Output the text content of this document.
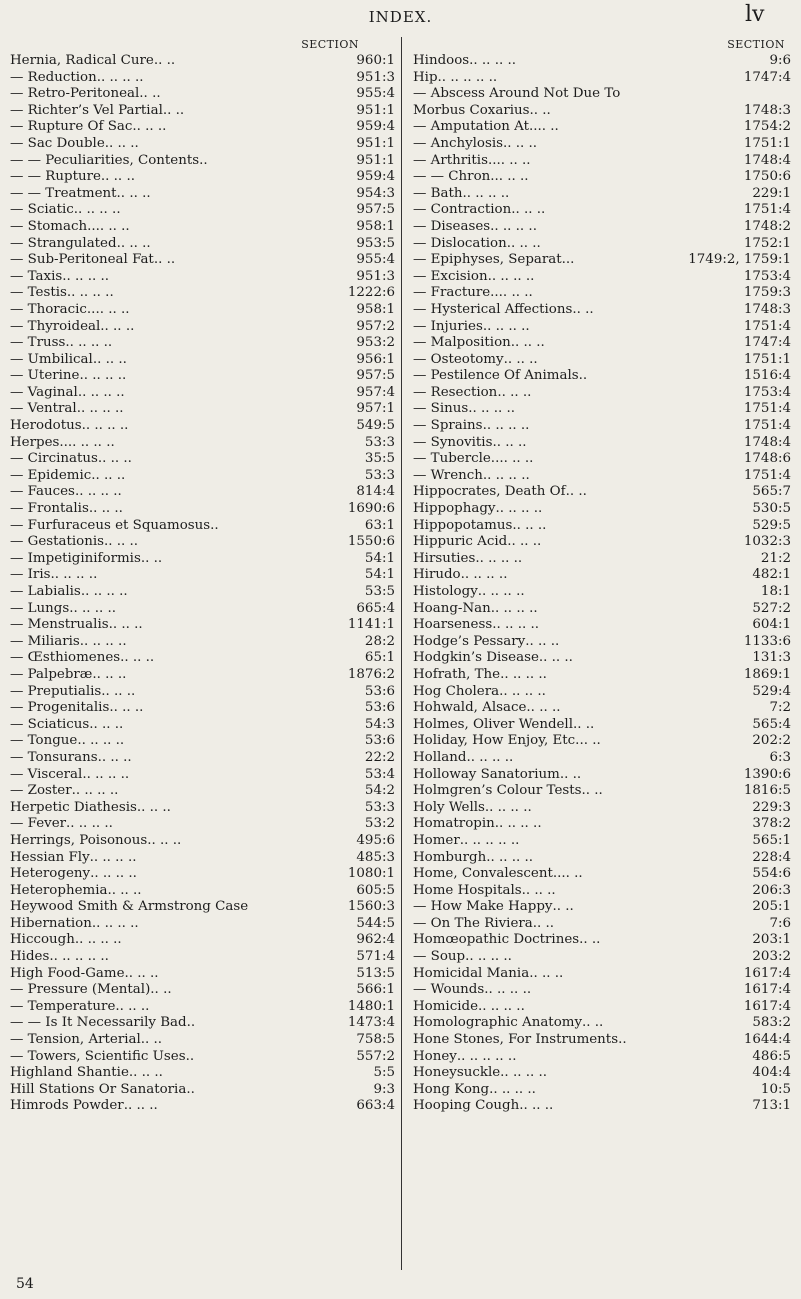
INDEX.	lv
SECTION
Hernia, Radical Cure .. ..	960:1
— Reduction .. .. .. ..	951:3
— Retro-Peritoneal .. ..	955:4
— Richter’s Vel Partial .. ..	951:1
— Rupture Of Sac .. .. ..	959:4
— Sac Double .. .. ..	951:1
— — Peculiarities, Contents ..	951:1
— — Rupture .. .. ..	959:4
— — Treatment .. .. ..	954:3
— Sciatic .. .. .. ..	957:5
— Stomach.. .. .. ..	958:1
— Strangulated .. .. ..	953:5
— Sub-Peritoneal Fat .. ..	955:4
— Taxis .. .. .. ..	951:3
— Testis .. .. .. ..	1222:6
— Thoracic.. .. .. ..	958:1
— Thyroideal .. .. ..	957:2
— Truss .. .. .. ..	953:2
— Umbilical .. .. ..	956:1
— Uterine .. .. .. ..	957:5
— Vaginal .. .. .. ..	957:4
— Ventral .. .. .. ..	957:1
Herodotus .. .. .. ..	549:5
Herpes.. .. .. .. ..	53:3
— Circinatus .. .. ..	35:5
— Epidemic .. .. ..	53:3
— Fauces .. .. .. ..	814:4
— Frontalis .. .. ..	1690:6
— Furfuraceus et Squamosus ..	63:1
— Gestationis .. .. ..	1550:6
— Impetiginiformis .. ..	54:1
— Iris .. .. .. ..	54:1
— Labialis .. .. .. ..	53:5
— Lungs .. .. .. ..	665:4
— Menstrualis .. .. ..	1141:1
— Miliaris .. .. .. ..	28:2
— Œsthiomenes .. .. ..	65:1
— Palpebræ .. .. ..	1876:2
— Preputialis .. .. ..	53:6
— Progenitalis .. .. ..	53:6
— Sciaticus .. .. ..	54:3
— Tongue .. .. .. ..	53:6
— Tonsurans .. .. ..	22:2
— Visceral .. .. .. ..	53:4
— Zoster .. .. .. ..	54:2
Herpetic Diathesis .. .. ..	53:3
— Fever .. .. .. ..	53:2
Herrings, Poisonous .. .. ..	495:6
Hessian Fly .. .. .. ..	485:3
Heterogeny .. .. .. ..	1080:1
Heterophemia .. .. ..	605:5
Heywood Smith & Armstrong Case	1560:3
Hibernation .. .. .. ..	544:5
Hiccough .. .. .. ..	962:4
Hides .. .. .. .. ..	571:4
High Food-Game .. .. ..	513:5
— Pressure (Mental) .. ..	566:1
— Temperature .. .. ..	1480:1
— — Is It Necessarily Bad ..	1473:4
— Tension, Arterial .. ..	758:5
— Towers, Scientific Uses ..	557:2
Highland Shantie .. .. ..	5:5
Hill Stations Or Sanatoria ..	9:3
Himrods Powder .. .. ..	663:4
SECTION
Hindoos .. .. .. ..	9:6
Hip .. .. .. .. ..	1747:4
— Abscess Around Not Due To
Morbus Coxarius .. ..	1748:3
— Amputation At.. .. ..	1754:2
— Anchylosis .. .. ..	1751:1
— Arthritis.. .. .. ..	1748:4
— — Chron. .. .. ..	1750:6
— Bath .. .. .. ..	229:1
— Contraction .. .. ..	1751:4
— Diseases .. .. .. ..	1748:2
— Dislocation .. .. ..	1752:1
— Epiphyses, Separat. ..	1749:2, 1759:1
— Excision .. .. .. ..	1753:4
— Fracture.. .. .. ..	1759:3
— Hysterical Affections .. ..	1748:3
— Injuries .. .. .. ..	1751:4
— Malposition .. .. ..	1747:4
— Osteotomy .. .. ..	1751:1
— Pestilence Of Animals ..	1516:4
— Resection .. .. ..	1753:4
— Sinus .. .. .. ..	1751:4
— Sprains .. .. .. ..	1751:4
— Synovitis .. .. ..	1748:4
— Tubercle.. .. .. ..	1748:6
— Wrench .. .. .. ..	1751:4
Hippocrates, Death Of .. ..	565:7
Hippophagy .. .. .. ..	530:5
Hippopotamus .. .. ..	529:5
Hippuric Acid .. .. ..	1032:3
Hirsuties .. .. .. ..	21:2
Hirudo .. .. .. ..	482:1
Histology .. .. .. ..	18:1
Hoang-Nan .. .. .. ..	527:2
Hoarseness .. .. .. ..	604:1
Hodge’s Pessary .. .. ..	1133:6
Hodgkin’s Disease .. .. ..	131:3
Hofrath, The .. .. .. ..	1869:1
Hog Cholera .. .. .. ..	529:4
Hohwald, Alsace .. .. ..	7:2
Holmes, Oliver Wendell .. ..	565:4
Holiday, How Enjoy, Etc. .. ..	202:2
Holland .. .. .. ..	6:3
Holloway Sanatorium .. ..	1390:6
Holmgren’s Colour Tests .. ..	1816:5
Holy Wells .. .. .. ..	229:3
Homatropin .. .. .. ..	378:2
Homer .. .. .. .. ..	565:1
Homburgh .. .. .. ..	228:4
Home, Convalescent.. .. ..	554:6
Home Hospitals .. .. ..	206:3
— How Make Happy .. ..	205:1
— On The Riviera .. ..	7:6
Homœopathic Doctrines .. ..	203:1
— Soup .. .. .. ..	203:2
Homicidal Mania .. .. ..	1617:4
— Wounds .. .. .. ..	1617:4
Homicide .. .. .. ..	1617:4
Homolographic Anatomy .. ..	583:2
Hone Stones, For Instruments ..	1644:4
Honey .. .. .. .. ..	486:5
Honeysuckle .. .. .. ..	404:4
Hong Kong .. .. .. ..	10:5
Hooping Cough .. .. ..	713:1
54
